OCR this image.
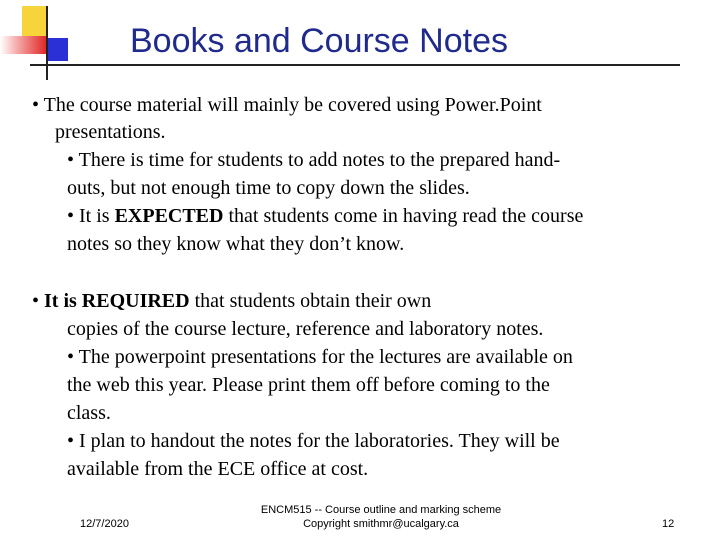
Books and Course Notes
• The course material will mainly be covered using Power.Point
presentations.
• There is time for students to add notes to the prepared hand-
outs, but not enough time to copy down the slides.
• It is EXPECTED that students come in having read the course
notes so they know what they don’t know.
• It is REQUIRED that students obtain their own
copies of the course lecture, reference and laboratory notes.
• The powerpoint presentations for the lectures are available on
the web this year. Please print them off before coming to the
class.
• I plan to handout the notes for the laboratories. They will be
available from the ECE office at cost.
12/7/2020
ENCM515 -- Course outline and marking scheme
Copyright smithmr@ucalgary.ca	12
